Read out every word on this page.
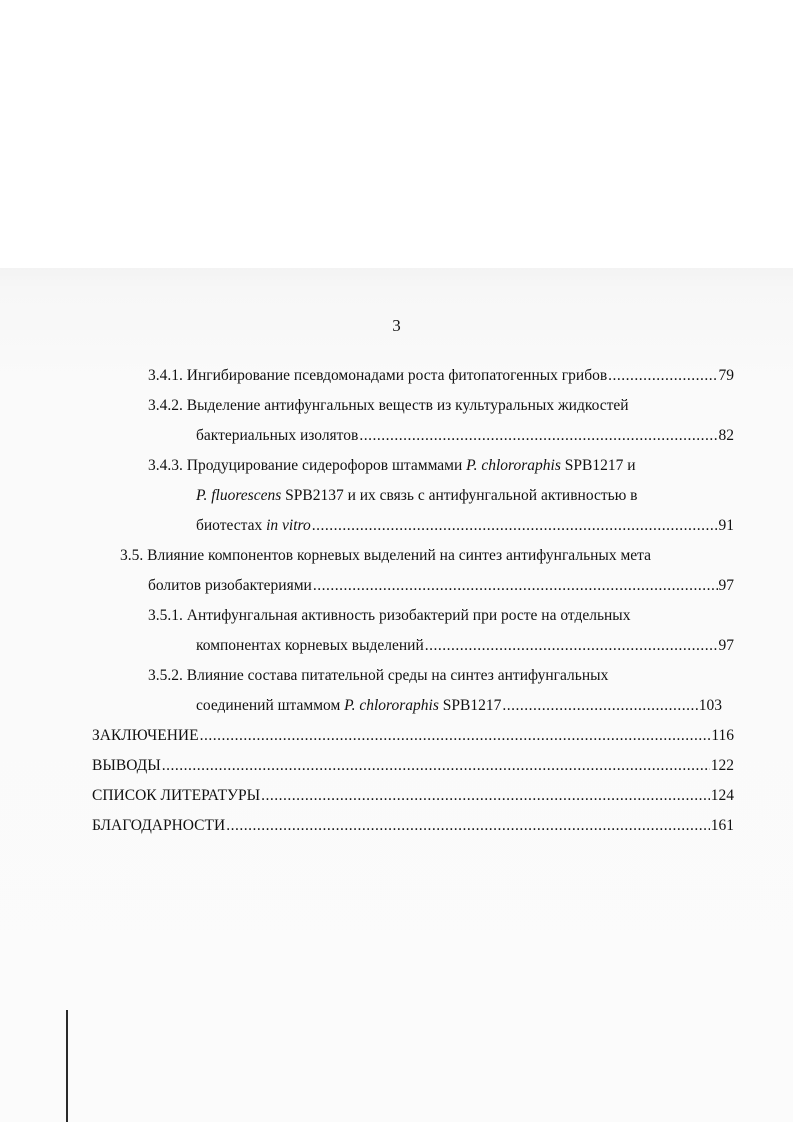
3
3.4.1. Ингибирование псевдомонадами роста фитопатогенных грибов .....	79
3.4.2. Выделение антифунгальных веществ из культуральных жидкостей
бактериальных изолятов .....	82
3.4.3. Продуцирование сидерофоров штаммами P. chlororaphis SPB1217 и
P. fluorescens SPB2137 и их связь с антифунгальной активностью в
биотестах in vitro .....	91
3.5. Влияние компонентов корневых выделений на синтез антифунгальных мета
болитов ризобактериями .....	97
3.5.1. Антифунгальная активность ризобактерий при росте на отдельных
компонентах корневых выделений .....	97
3.5.2. Влияние состава питательной среды на синтез антифунгальных
соединений штаммом P. chlororaphis SPB1217 .....	103
ЗАКЛЮЧЕНИЕ .....	116
ВЫВОДЫ .....	122
СПИСОК ЛИТЕРАТУРЫ .....	124
БЛАГОДАРНОСТИ .....	161
